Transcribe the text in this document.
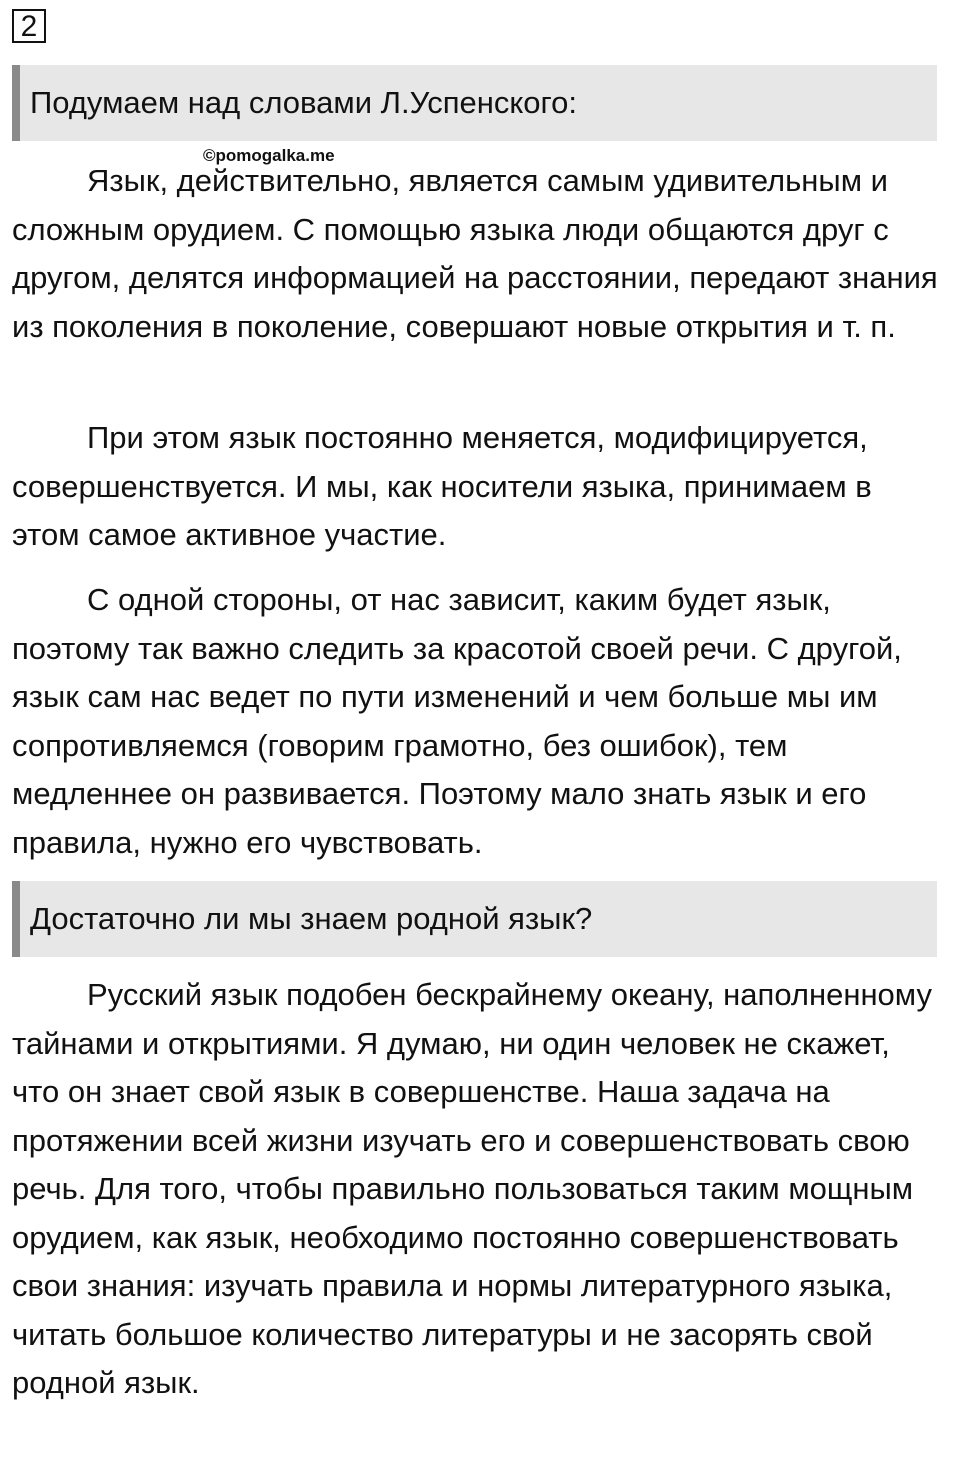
2
Подумаем над словами Л.Успенского:
©pomogalka.me

Язык, действительно, является самым удивительным и сложным орудием. С помощью языка люди общаются друг с другом, делятся информацией на расстоянии, передают знания из поколения в поколение, совершают новые открытия и т. п.

При этом язык постоянно меняется, модифицируется, совершенствуется. И мы, как носители языка, принимаем в этом самое активное участие.

С одной стороны, от нас зависит, каким будет язык, поэтому так важно следить за красотой своей речи. С другой, язык сам нас ведет по пути изменений и чем больше мы им сопротивляемся (говорим грамотно, без ошибок), тем медленнее он развивается. Поэтому мало знать язык и его правила, нужно его чувствовать.

Достаточно ли мы знаем родной язык?

Русский язык подобен бескрайнему океану, наполненному тайнами и открытиями. Я думаю, ни один человек не скажет, что он знает свой язык в совершенстве. Наша задача на протяжении всей жизни изучать его и совершенствовать свою речь. Для того, чтобы правильно пользоваться таким мощным орудием, как язык, необходимо постоянно совершенствовать свои знания: изучать правила и нормы литературного языка, читать большое количество литературы и не засорять свой родной язык.
